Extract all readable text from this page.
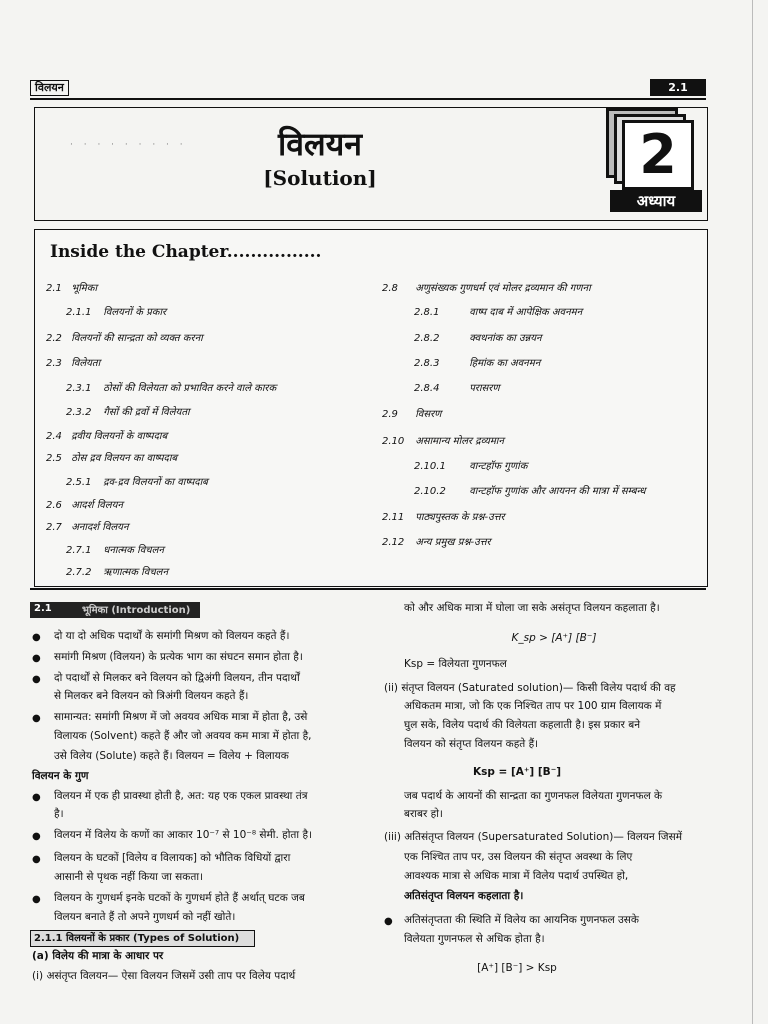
विलयन	2.1
· · · · · · · · ·	विलयन
[Solution]	2
अध्याय
Inside the Chapter................
2.1 भूमिका
2.1.1 विलयनों के प्रकार
2.2 विलयनों की सान्द्रता को व्यक्त करना
2.3 विलेयता
2.3.1 ठोसों की विलेयता को प्रभावित करने वाले कारक
2.3.2 गैसों की द्रवों में विलेयता
2.4 द्रवीय विलयनों के वाष्पदाब
2.5 ठोस द्रव विलयन का वाष्पदाब
2.5.1 द्रव-द्रव विलयनों का वाष्पदाब
2.6 आदर्श विलयन
2.7 अनादर्श विलयन
2.7.1 धनात्मक विचलन
2.7.2 ऋणात्मक विचलन
2.8 अणुसंख्यक गुणधर्म एवं मोलर द्रव्यमान की गणना
2.8.1	वाष्प दाब में आपेक्षिक अवनमन
2.8.2	क्वथनांक का उन्नयन
2.8.3	हिमांक का अवनमन
2.8.4	परासरण
2.9 विसरण
2.10 असामान्य मोलर द्रव्यमान
2.10.1 वान्टहॉफ गुणांक
2.10.2 वान्टहॉफ गुणांक और आयनन की मात्रा में सम्बन्ध
2.11 पाठ्यपुस्तक के प्रश्न-उत्तर
2.12 अन्य प्रमुख प्रश्न-उत्तर
2.1	भूमिका (Introduction)
● दो या दो अधिक पदार्थों के समांगी मिश्रण को विलयन कहते हैं।
● समांगी मिश्रण (विलयन) के प्रत्येक भाग का संघटन समान होता है।
● दो पदार्थों से मिलकर बने विलयन को द्विअंगी विलयन, तीन पदार्थों
से मिलकर बने विलयन को त्रिअंगी विलयन कहते हैं।
● सामान्यत: समांगी मिश्रण में जो अवयव अधिक मात्रा में होता है, उसे
विलायक (Solvent) कहते हैं और जो अवयव कम मात्रा में होता है,
उसे विलेय (Solute) कहते हैं। विलयन = विलेय + विलायक
विलयन के गुण
● विलयन में एक ही प्रावस्था होती है, अत: यह एक एकल प्रावस्था तंत्र
है।
● विलयन में विलेय के कणों का आकार 10⁻⁷ से 10⁻⁸ सेमी. होता है।
● विलयन के घटकों [विलेय व विलायक] को भौतिक विधियों द्वारा
आसानी से पृथक नहीं किया जा सकता।
● विलयन के गुणधर्म इनके घटकों के गुणधर्म होते हैं अर्थात् घटक जब
विलयन बनाते हैं तो अपने गुणधर्म को नहीं खोते।
2.1.1 विलयनों के प्रकार (Types of Solution)
(a) विलेय की मात्रा के आधार पर
(i) असंतृप्त विलयन— ऐसा विलयन जिसमें उसी ताप पर विलेय पदार्थ
को और अधिक मात्रा में घोला जा सके असंतृप्त विलयन कहलाता है।
K_sp > [A⁺] [B⁻]
Ksp = विलेयता गुणनफल
(ii) संतृप्त विलयन (Saturated solution)— किसी विलेय पदार्थ की वह
अधिकतम मात्रा, जो कि एक निश्चित ताप पर 100 ग्राम विलायक में
घुल सके, विलेय पदार्थ की विलेयता कहलाती है। इस प्रकार बने
विलयन को संतृप्त विलयन कहते हैं।
Ksp = [A⁺] [B⁻]
जब पदार्थ के आयनों की सान्द्रता का गुणनफल विलेयता गुणनफल के
बराबर हो।
(iii) अतिसंतृप्त विलयन (Supersaturated Solution)— विलयन जिसमें
एक निश्चित ताप पर, उस विलयन की संतृप्त अवस्था के लिए
आवश्यक मात्रा से अधिक मात्रा में विलेय पदार्थ उपस्थित हो,
अतिसंतृप्त विलयन कहलाता है।
● अतिसंतृप्तता की स्थिति में विलेय का आयनिक गुणनफल उसके
विलेयता गुणनफल से अधिक होता है।
[A⁺] [B⁻] > Ksp
